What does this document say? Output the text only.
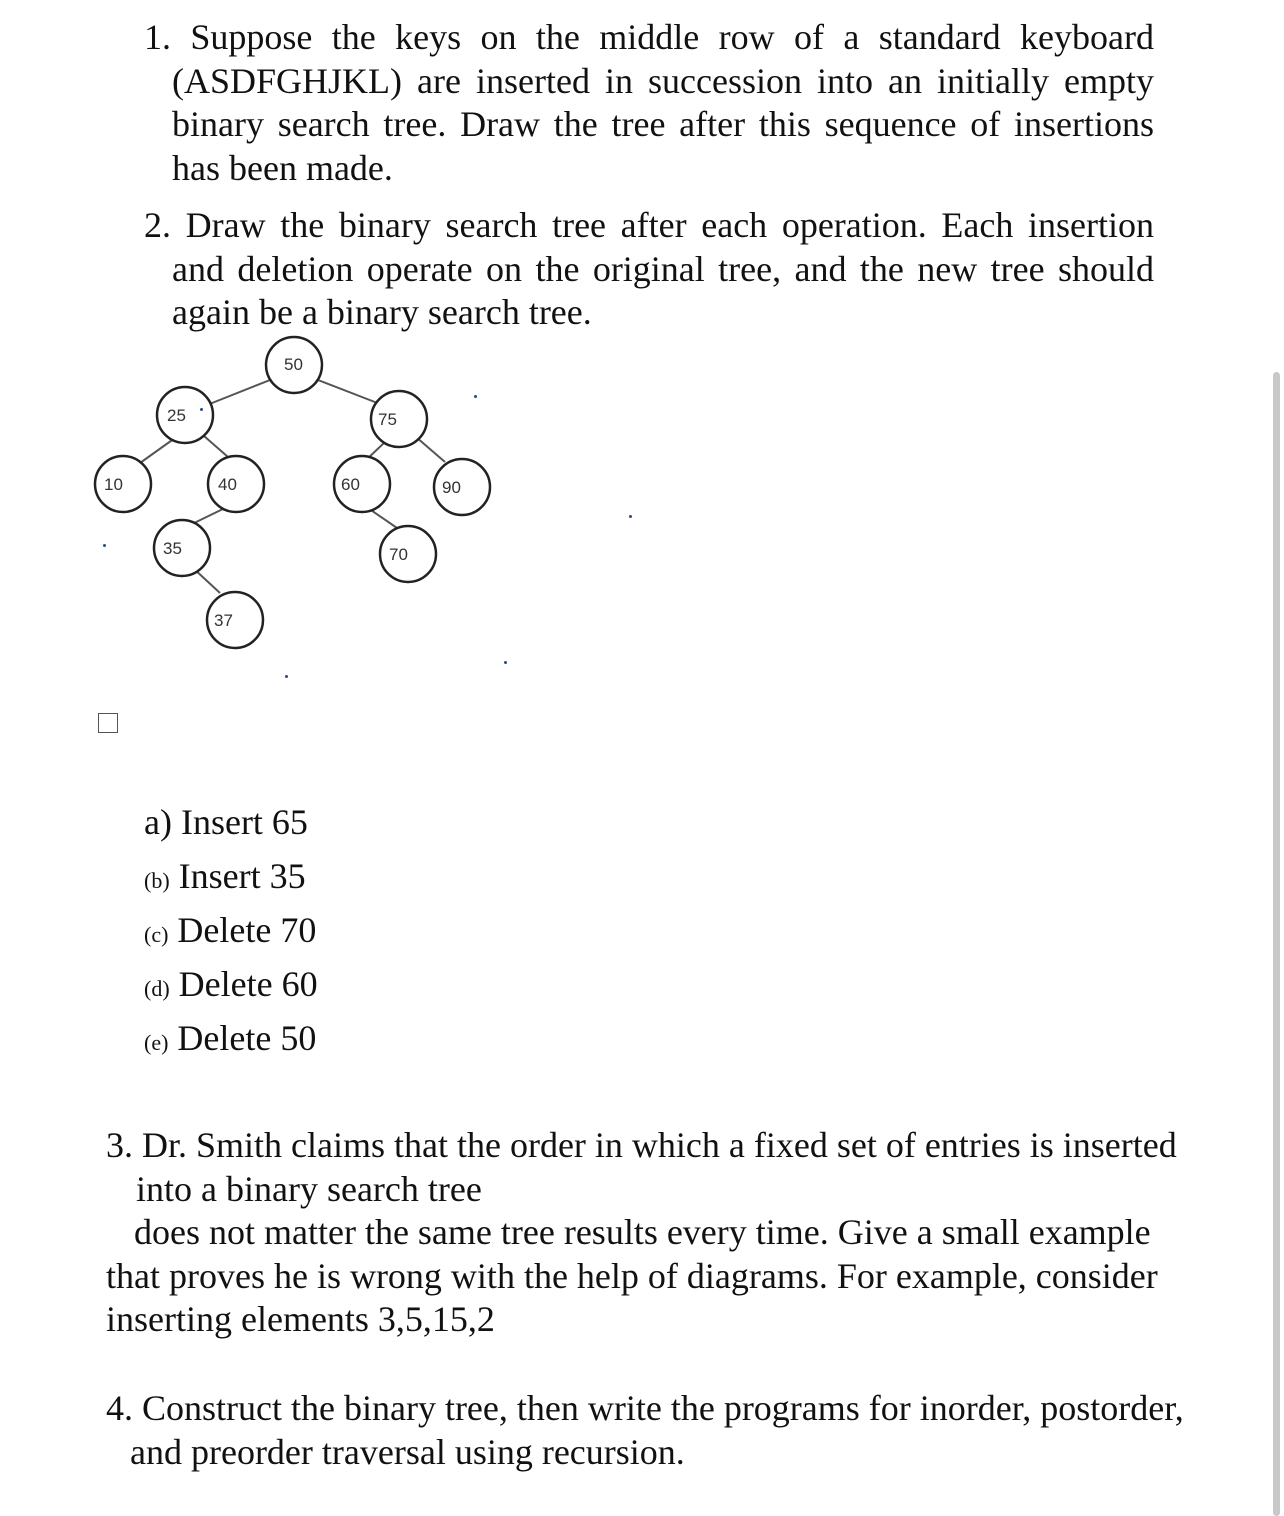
1. Suppose the keys on the middle row of a standard keyboard
(ASDFGHJKL) are inserted in succession into an initially empty
binary search tree. Draw the tree after this sequence of insertions
has been made.
2. Draw the binary search tree after each operation. Each insertion
and deletion operate on the original tree, and the new tree should
again be a binary search tree.
50
25	75
10	40	60	90
35	70
37
a) Insert 65
(b) Insert 35
(c) Delete 70
(d) Delete 60
(e) Delete 50
3. Dr. Smith claims that the order in which a fixed set of entries is inserted
into a binary search tree
does not matter the same tree results every time. Give a small example
that proves he is wrong with the help of diagrams. For example, consider
inserting elements 3,5,15,2
4. Construct the binary tree, then write the programs for inorder, postorder,
and preorder traversal using recursion.
